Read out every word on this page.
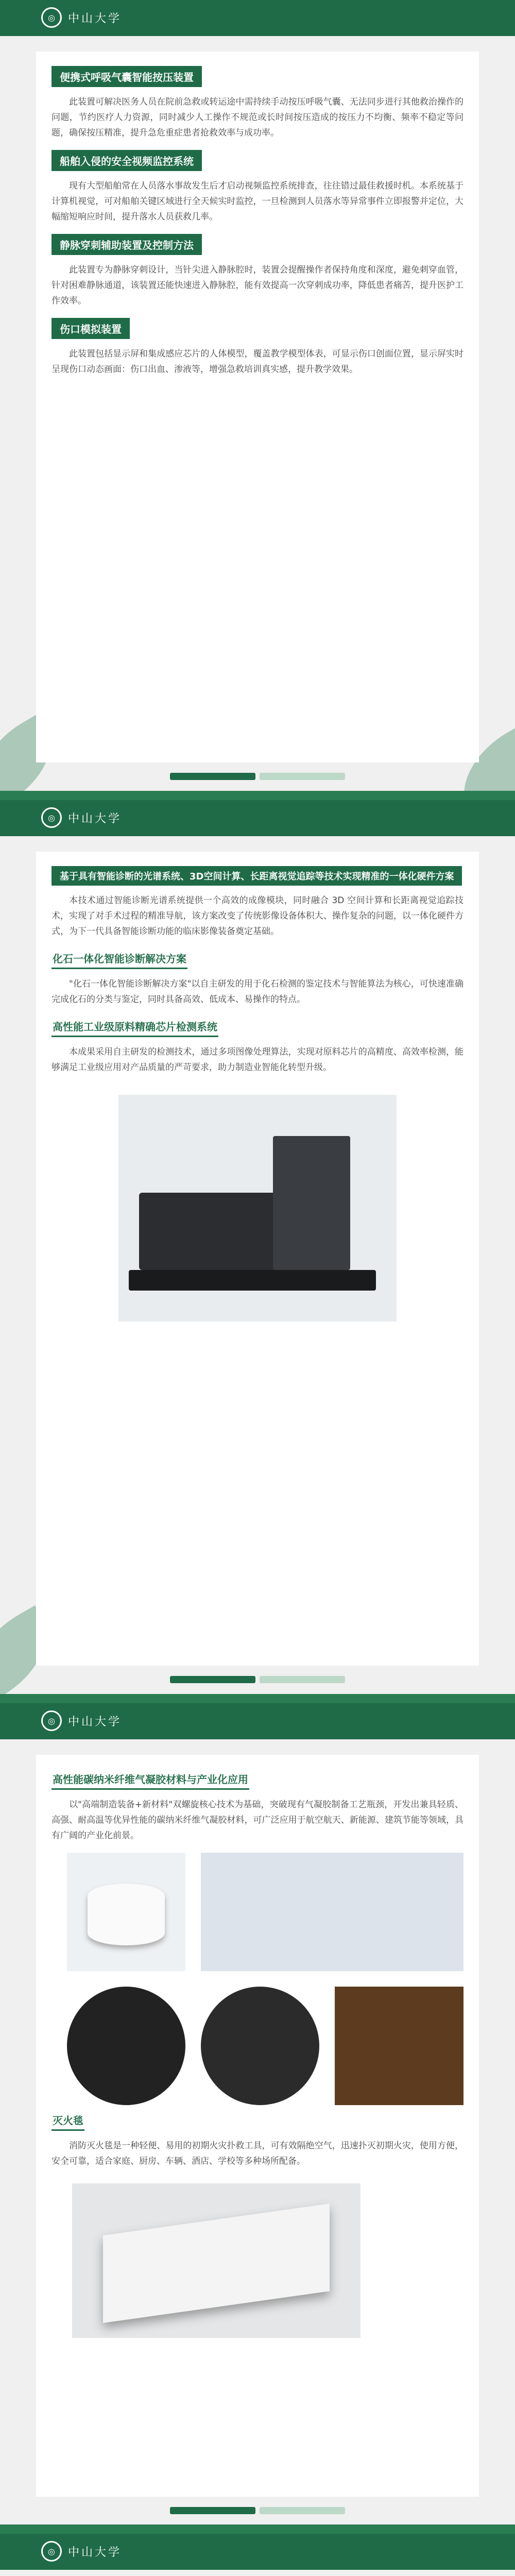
◎	中山大学
便携式呼吸气囊智能按压装置

此装置可解决医务人员在院前急救或转运途中需持续手动按压呼吸气囊、无法同步进行其他救治操作的问题，节约医疗人力资源，同时减少人工操作不规范或长时间按压造成的按压力不均衡、频率不稳定等问题，确保按压精准，提升急危重症患者抢救效率与成功率。

船舶入侵的安全视频监控系统

现有大型船舶常在人员落水事故发生后才启动视频监控系统排查，往往错过最佳救援时机。本系统基于计算机视觉，可对船舶关键区域进行全天候实时监控，一旦检测到人员落水等异常事件立即报警并定位，大幅缩短响应时间，提升落水人员获救几率。

静脉穿刺辅助装置及控制方法

此装置专为静脉穿刺设计，当针尖进入静脉腔时，装置会提醒操作者保持角度和深度，避免刺穿血管，针对困难静脉通道，该装置还能快速进入静脉腔，能有效提高一次穿刺成功率，降低患者痛苦，提升医护工作效率。

伤口模拟装置

此装置包括显示屏和集成感应芯片的人体模型，覆盖教学模型体表，可显示伤口创面位置，显示屏实时呈现伤口动态画面：伤口出血、渗液等，增强急救培训真实感，提升教学效果。

◎	中山大学
基于具有智能诊断的光谱系统、3D空间计算、长距离视觉追踪等技术实现精准的一体化硬件方案

本技术通过智能诊断光谱系统提供一个高效的成像模块，同时融合 3D 空间计算和长距离视觉追踪技术，实现了对手术过程的精准导航，该方案改变了传统影像设备体积大、操作复杂的问题，以一体化硬件方式，为下一代具备智能诊断功能的临床影像装备奠定基础。

化石一体化智能诊断解决方案

"化石一体化智能诊断解决方案"以自主研发的用于化石检测的鉴定技术与智能算法为核心，可快速准确完成化石的分类与鉴定，同时具备高效、低成本、易操作的特点。

高性能工业级原料精确芯片检测系统

本成果采用自主研发的检测技术，通过多项图像处理算法，实现对原料芯片的高精度、高效率检测，能够满足工业级应用对产品质量的严苛要求，助力制造业智能化转型升级。

◎	中山大学
高性能碳纳米纤维气凝胶材料与产业化应用

以"高端制造装备+新材料"双螺旋核心技术为基础，突破现有气凝胶制备工艺瓶颈，开发出兼具轻质、高强、耐高温等优异性能的碳纳米纤维气凝胶材料，可广泛应用于航空航天、新能源、建筑节能等领域，具有广阔的产业化前景。

灭火毯

消防灭火毯是一种轻便、易用的初期火灾扑救工具，可有效隔绝空气，迅速扑灭初期火灾，使用方便，安全可靠，适合家庭、厨房、车辆、酒店、学校等多种场所配备。

◎	中山大学
